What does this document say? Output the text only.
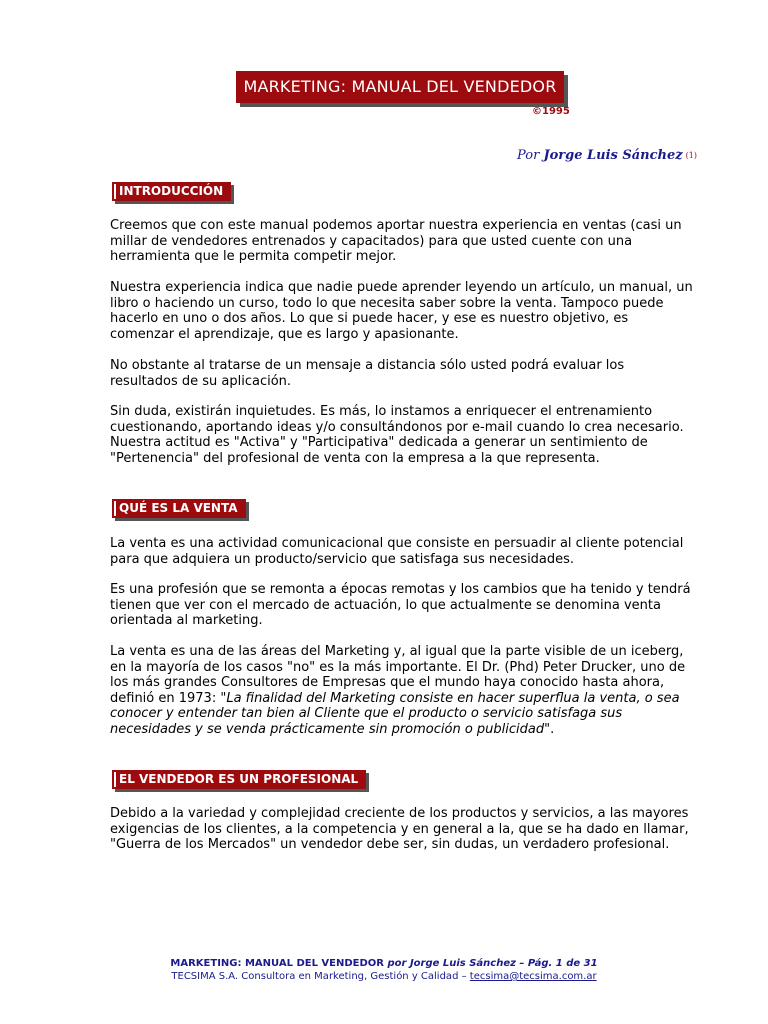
MARKETING: MANUAL DEL VENDEDOR
©1995
Por Jorge Luis Sánchez $^{(1)}$
INTRODUCCIÓN
Creemos que con este manual podemos aportar nuestra experiencia en ventas (casi un millar de vendedores entrenados y capacitados) para que usted cuente con una herramienta que le permita competir mejor.
Nuestra experiencia indica que nadie puede aprender leyendo un artículo, un manual, un libro o haciendo un curso, todo lo que necesita saber sobre la venta. Tampoco puede hacerlo en uno o dos años. Lo que si puede hacer, y ese es nuestro objetivo, es comenzar el aprendizaje, que es largo y apasionante.
No obstante al tratarse de un mensaje a distancia sólo usted podrá evaluar los resultados de su aplicación.
Sin duda, existirán inquietudes. Es más, lo instamos a enriquecer el entrenamiento cuestionando, aportando ideas y/o consultándonos por e-mail cuando lo crea necesario. Nuestra actitud es "Activa" y "Participativa" dedicada a generar un sentimiento de "Pertenencia" del profesional de venta con la empresa a la que representa.
QUÉ ES LA VENTA
La venta es una actividad comunicacional que consiste en persuadir al cliente potencial para que adquiera un producto/servicio que satisfaga sus necesidades.
Es una profesión que se remonta a épocas remotas y los cambios que ha tenido y tendrá tienen que ver con el mercado de actuación, lo que actualmente se denomina venta orientada al marketing.
La venta es una de las áreas del Marketing y, al igual que la parte visible de un iceberg, en la mayoría de los casos "no" es la más importante. El Dr. (Phd) Peter Drucker, uno de los más grandes Consultores de Empresas que el mundo haya conocido hasta ahora, definió en 1973: "La finalidad del Marketing consiste en hacer superflua la venta, o sea conocer y entender tan bien al Cliente que el producto o servicio satisfaga sus necesidades y se venda prácticamente sin promoción o publicidad".
EL VENDEDOR ES UN PROFESIONAL
Debido a la variedad y complejidad creciente de los productos y servicios, a las mayores exigencias de los clientes, a la competencia y en general a la, que se ha dado en llamar, "Guerra de los Mercados" un vendedor debe ser, sin dudas, un verdadero profesional.
MARKETING: MANUAL DEL VENDEDOR por Jorge Luis Sánchez – Pág. 1 de 31
TECSIMA S.A. Consultora en Marketing, Gestión y Calidad – tecsima@tecsima.com.ar
